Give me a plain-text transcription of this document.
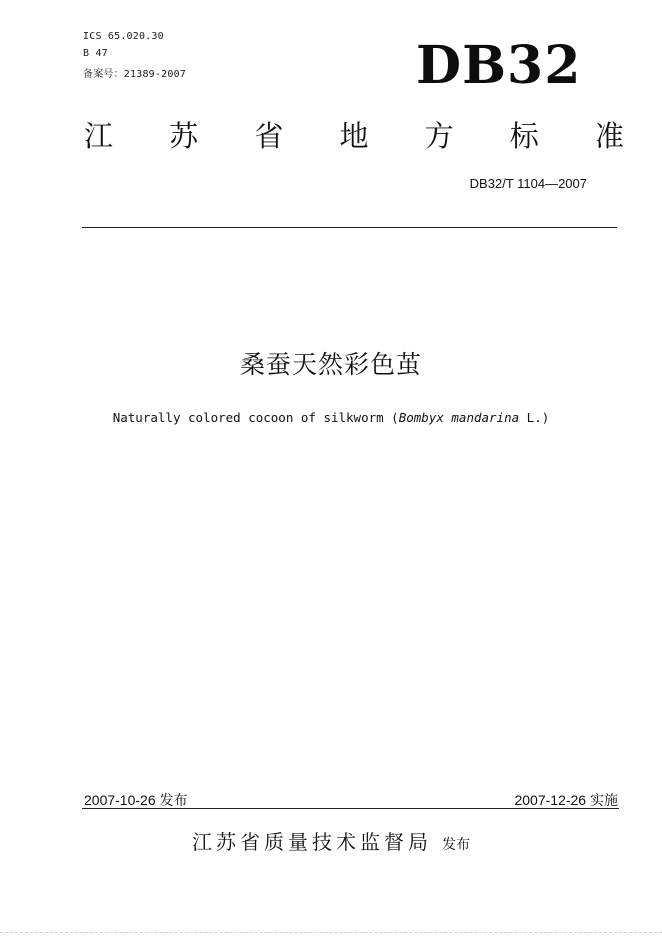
ICS 65.020.30
B 47
备案号：21389-2007	DB32
江 苏 省 地 方 标 准
DB32/T 1104—2007
桑蚕天然彩色茧
Naturally colored cocoon of silkworm (Bombyx mandarina L.)
2007-10-26 发布	2007-12-26 实施
江苏省质量技术监督局 发布
